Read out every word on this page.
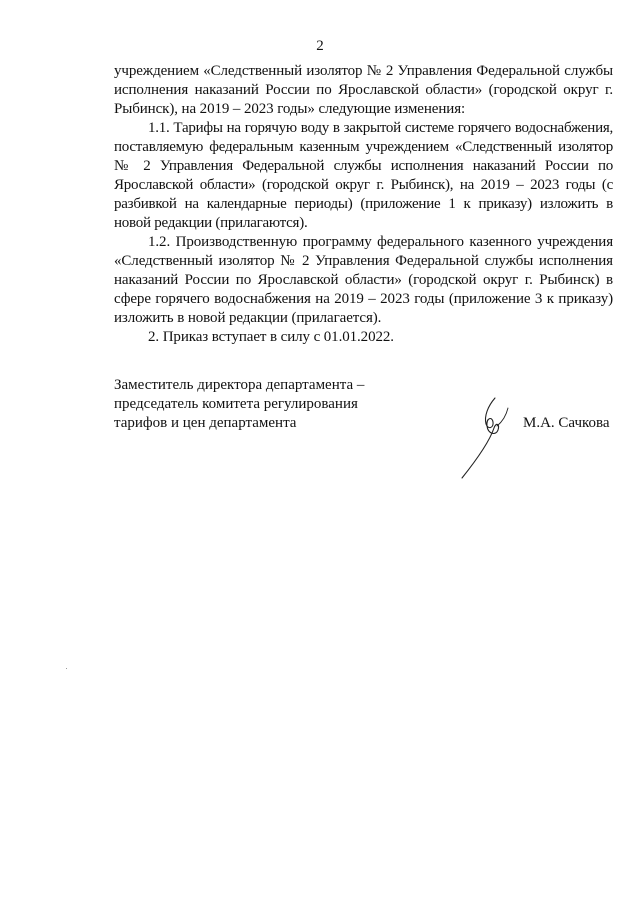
2

учреждением «Следственный изолятор № 2 Управления Федеральной службы исполнения наказаний России по Ярославской области» (городской округ г. Рыбинск), на 2019 – 2023 годы» следующие изменения:

1.1. Тарифы на горячую воду в закрытой системе горячего водоснабжения, поставляемую федеральным казенным учреждением «Следственный изолятор № 2 Управления Федеральной службы исполнения наказаний России по Ярославской области» (городской округ г. Рыбинск), на 2019 – 2023 годы (с разбивкой на календарные периоды) (приложение 1 к приказу) изложить в новой редакции (прилагаются).

1.2. Производственную программу федерального казенного учреждения «Следственный изолятор № 2 Управления Федеральной службы исполнения наказаний России по Ярославской области» (городской округ г. Рыбинск) в сфере горячего водоснабжения на 2019 – 2023 годы (приложение 3 к приказу) изложить в новой редакции (прилагается).

2. Приказ вступает в силу с 01.01.2022.

Заместитель директора департамента –
председатель комитета регулирования
тарифов и цен департамента	М.А. Сачкова
